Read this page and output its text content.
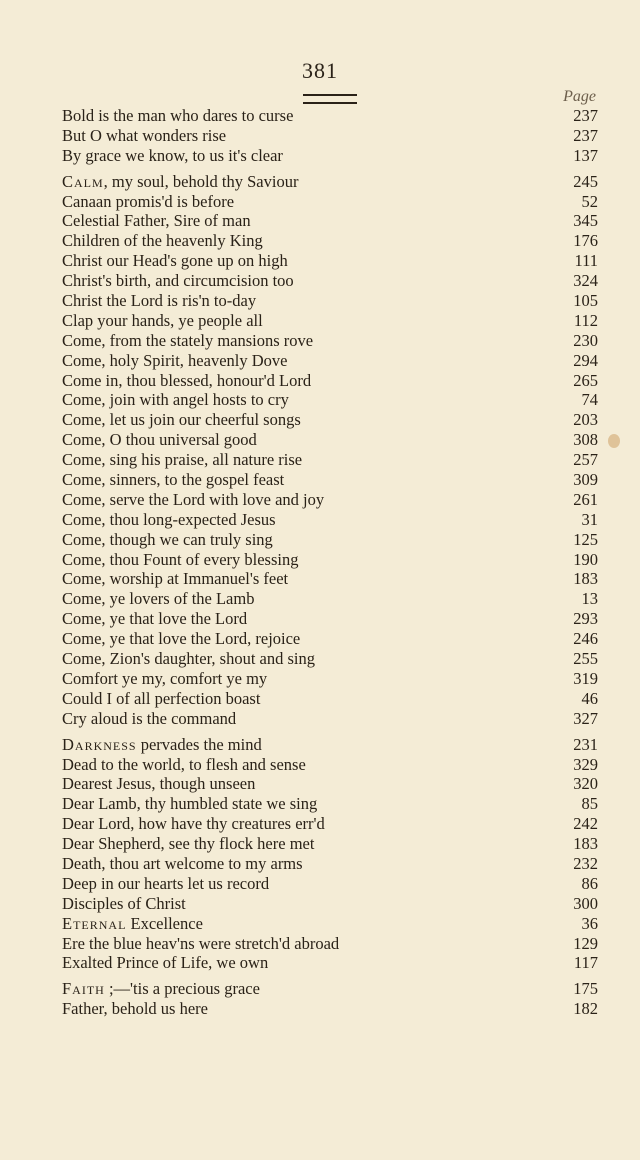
381
Page
Bold is the man who dares to curse	237
But O what wonders rise	237
By grace we know, to us it's clear	137
Calm, my soul, behold thy Saviour	245
Canaan promis'd is before	52
Celestial Father, Sire of man	345
Children of the heavenly King	176
Christ our Head's gone up on high	111
Christ's birth, and circumcision too	324
Christ the Lord is ris'n to-day	105
Clap your hands, ye people all	112
Come, from the stately mansions rove	230
Come, holy Spirit, heavenly Dove	294
Come in, thou blessed, honour'd Lord	265
Come, join with angel hosts to cry	74
Come, let us join our cheerful songs	203
Come, O thou universal good	308
Come, sing his praise, all nature rise	257
Come, sinners, to the gospel feast	309
Come, serve the Lord with love and joy	261
Come, thou long-expected Jesus	31
Come, though we can truly sing	125
Come, thou Fount of every blessing	190
Come, worship at Immanuel's feet	183
Come, ye lovers of the Lamb	13
Come, ye that love the Lord	293
Come, ye that love the Lord, rejoice	246
Come, Zion's daughter, shout and sing	255
Comfort ye my, comfort ye my	319
Could I of all perfection boast	46
Cry aloud is the command	327
Darkness pervades the mind	231
Dead to the world, to flesh and sense	329
Dearest Jesus, though unseen	320
Dear Lamb, thy humbled state we sing	85
Dear Lord, how have thy creatures err'd	242
Dear Shepherd, see thy flock here met	183
Death, thou art welcome to my arms	232
Deep in our hearts let us record	86
Disciples of Christ	300
Eternal Excellence	36
Ere the blue heav'ns were stretch'd abroad	129
Exalted Prince of Life, we own	117
Faith ;—'tis a precious grace	175
Father, behold us here	182
